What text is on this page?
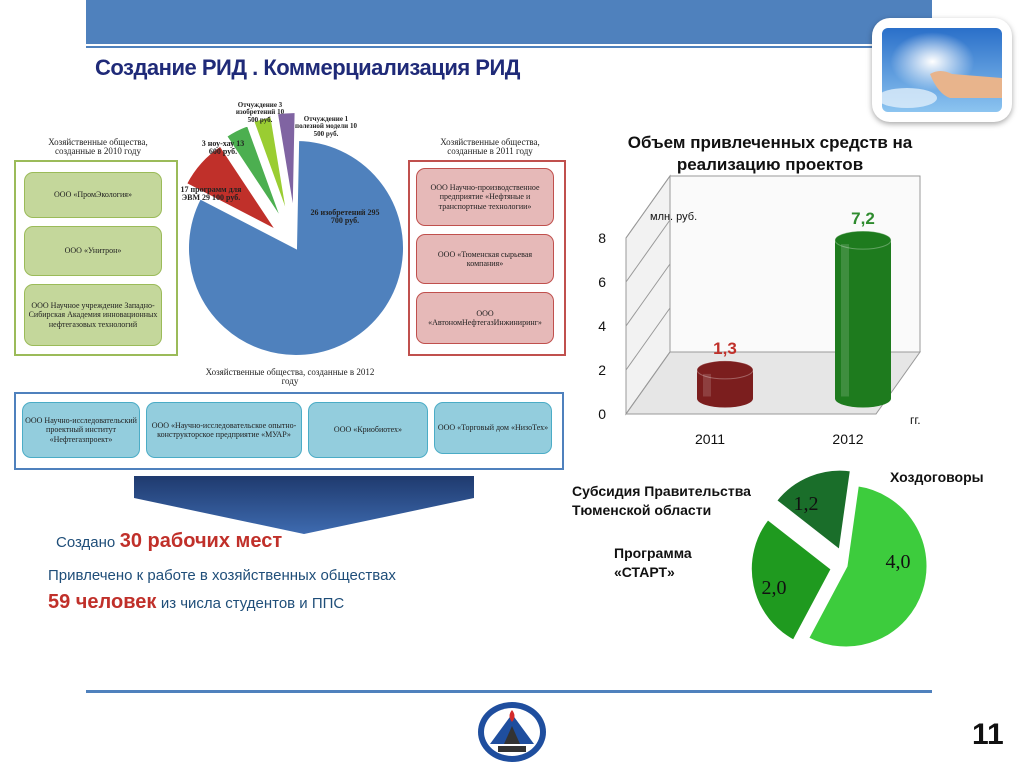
Создание РИД . Коммерциализация РИД
Хозяйственные общества, созданные в 2010 году
ООО «ПромЭкология»
ООО «Унитрон»
ООО Научное учреждение Западно-Сибирская Академия инновационных нефтегазовых технологий
Хозяйственные общества, созданные в 2011 году
ООО Научно-производственное предприятие «Нефтяные и транспортные технологии»
ООО «Тюменская сырьевая компания»
ООО «АвтономНефтегазИнжиниринг»
26 изобретений 295 700 руб.
17 программ для ЭВМ 29 100 руб.
3 ноу-хау 13 600 руб.
Отчуждение 3 изобретений 10 500 руб.	Отчуждение 1 полезной модели 10 500 руб.
Хозяйственные общества, созданные в 2012 году
ООО Научно-исследовательский проектный институт «Нефтегазпроект»
ООО «Научно-исследовательское опытно-конструкторское предприятие «МУАР»
ООО «Криобиотех»	ООО «Торговый дом «НизоТех»
Создано 30 рабочих мест
Привлечено к работе в хозяйственных обществах
59 человек из числа студентов и ППС
Объем привлеченных средств на реализацию проектов
0
2
4
6
8
млн. руб.
гг.
1,3
2011
7,2
2012
4,0
2,0
1,2
Хоздоговоры
Программа «СТАРТ»
Субсидия Правительства Тюменской области
11
